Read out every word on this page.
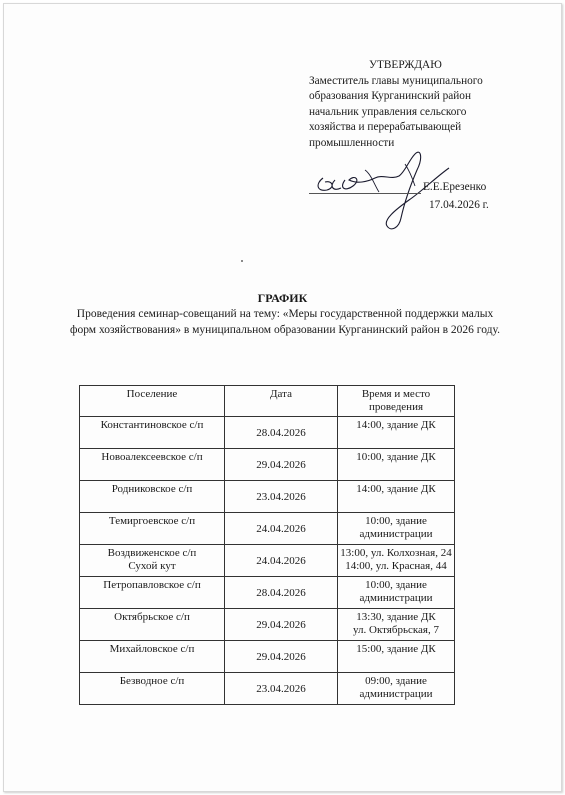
УТВЕРЖДАЮ
Заместитель главы муниципального
образования Курганинский район
начальник управления сельского
хозяйства и перерабатывающей
промышленности
Е.Е.Ерезенко
17.04.2026 г.
ГРАФИК
Проведения семинар-совещаний на тему: «Меры государственной поддержки малых форм хозяйствования» в муниципальном образовании Курганинский район в 2026 году.
Поселение	Дата	Время и место проведения
Константиновское с/п	28.04.2026	14:00, здание ДК
Новоалексеевское с/п	29.04.2026	10:00, здание ДК
Родниковское с/п	23.04.2026	14:00, здание ДК
Темиргоевское с/п	24.04.2026	10:00, здание администрации
Воздвиженское с/п
Сухой кут	24.04.2026	13:00, ул. Колхозная, 24
14:00, ул. Красная, 44
Петропавловское с/п	28.04.2026	10:00, здание администрации
Октябрьское с/п	29.04.2026	13:30, здание ДК
ул. Октябрьская, 7
Михайловское с/п	29.04.2026	15:00, здание ДК
Безводное с/п	23.04.2026	09:00, здание администрации
